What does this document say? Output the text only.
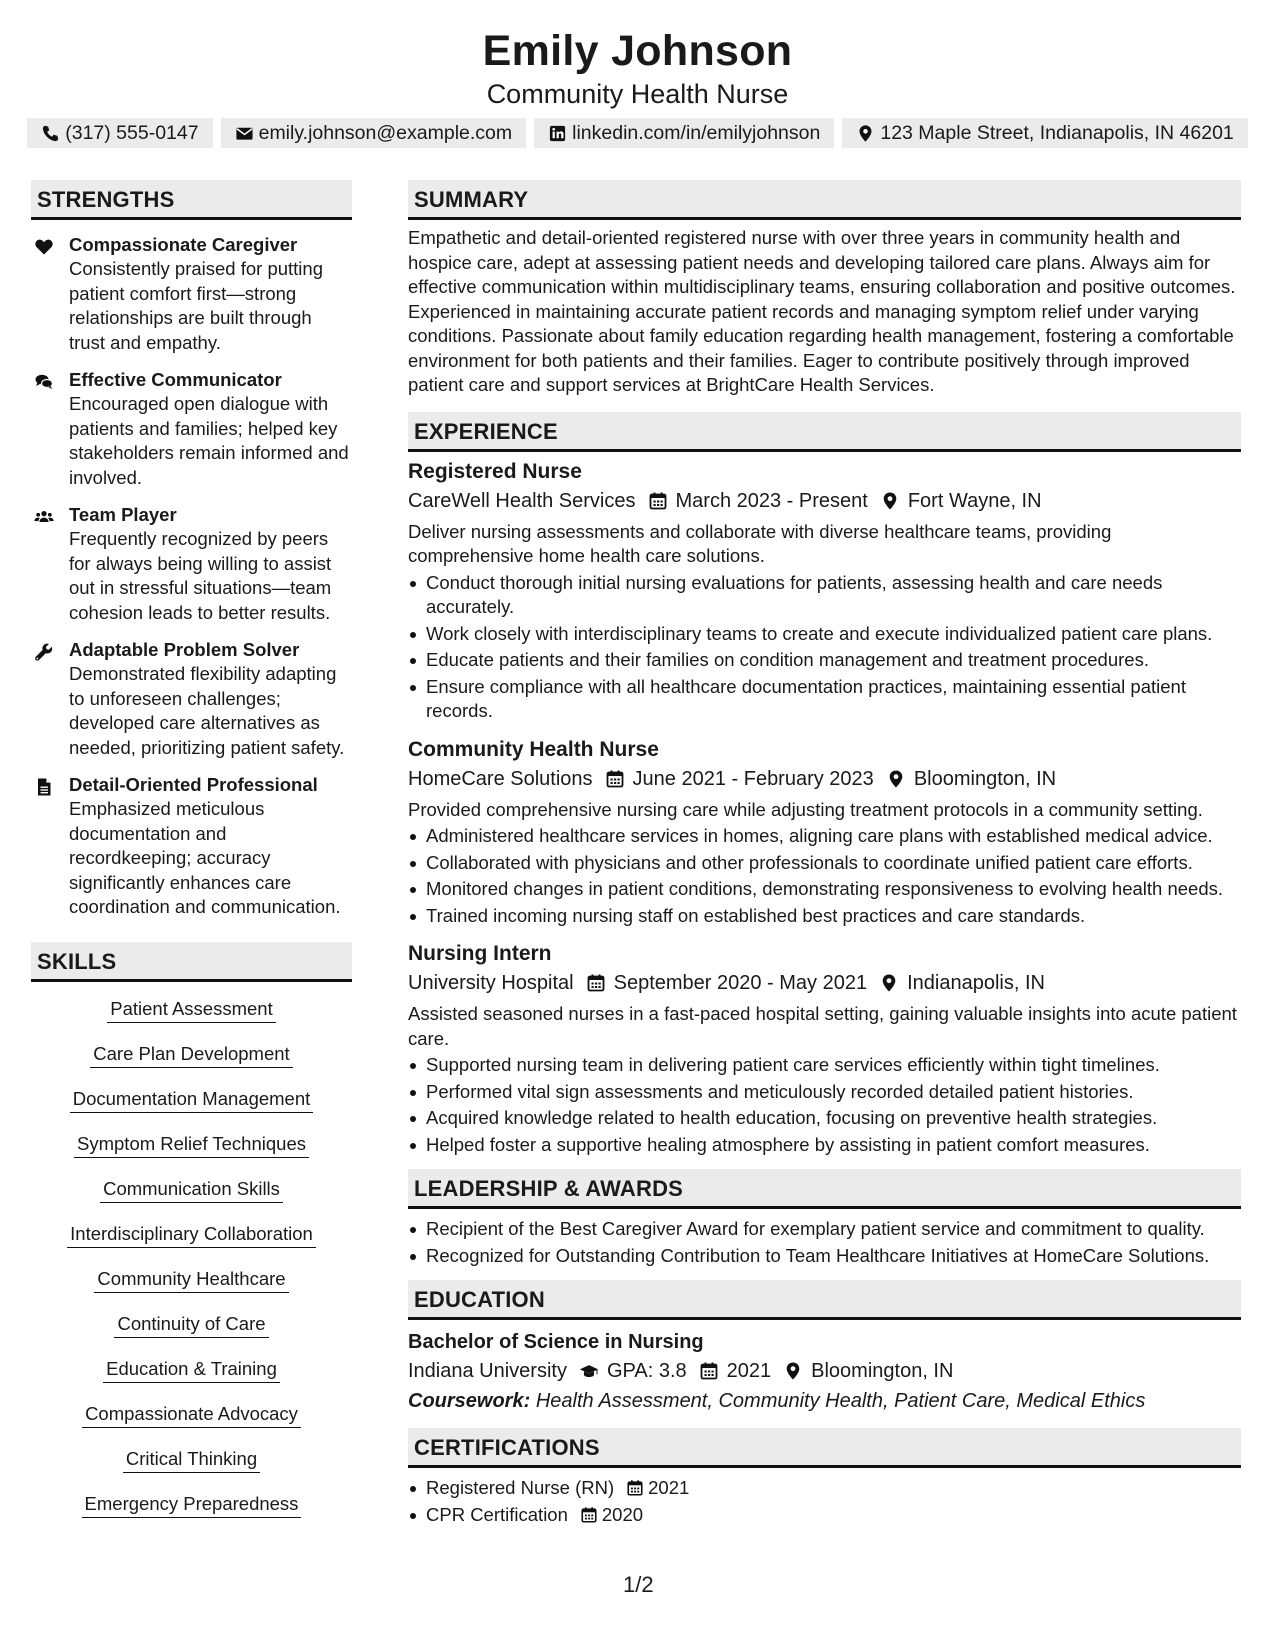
Emily Johnson
Community Health Nurse
(317) 555-0147	emily.johnson@example.com	linkedin.com/in/emilyjohnson	123 Maple Street, Indianapolis, IN 46201
STRENGTHS
Compassionate Caregiver
Consistently praised for putting patient comfort first—strong relationships are built through trust and empathy.
Effective Communicator
Encouraged open dialogue with patients and families; helped key stakeholders remain informed and involved.
Team Player
Frequently recognized by peers for always being willing to assist out in stressful situations—team cohesion leads to better results.
Adaptable Problem Solver
Demonstrated flexibility adapting to unforeseen challenges; developed care alternatives as needed, prioritizing patient safety.
Detail-Oriented Professional
Emphasized meticulous documentation and recordkeeping; accuracy significantly enhances care coordination and communication.
SKILLS
Patient Assessment
Care Plan Development
Documentation Management
Symptom Relief Techniques
Communication Skills
Interdisciplinary Collaboration
Community Healthcare
Continuity of Care
Education & Training
Compassionate Advocacy
Critical Thinking
Emergency Preparedness
SUMMARY
Empathetic and detail-oriented registered nurse with over three years in community health and hospice care, adept at assessing patient needs and developing tailored care plans. Always aim for effective communication within multidisciplinary teams, ensuring collaboration and positive outcomes. Experienced in maintaining accurate patient records and managing symptom relief under varying conditions. Passionate about family education regarding health management, fostering a comfortable environment for both patients and their families. Eager to contribute positively through improved patient care and support services at BrightCare Health Services.
EXPERIENCE
Registered Nurse
CareWell Health Services March 2023 - Present Fort Wayne, IN
Deliver nursing assessments and collaborate with diverse healthcare teams, providing comprehensive home health care solutions.
Conduct thorough initial nursing evaluations for patients, assessing health and care needs accurately.
Work closely with interdisciplinary teams to create and execute individualized patient care plans.
Educate patients and their families on condition management and treatment procedures.
Ensure compliance with all healthcare documentation practices, maintaining essential patient records.
Community Health Nurse
HomeCare Solutions June 2021 - February 2023 Bloomington, IN
Provided comprehensive nursing care while adjusting treatment protocols in a community setting.
Administered healthcare services in homes, aligning care plans with established medical advice.
Collaborated with physicians and other professionals to coordinate unified patient care efforts.
Monitored changes in patient conditions, demonstrating responsiveness to evolving health needs.
Trained incoming nursing staff on established best practices and care standards.
Nursing Intern
University Hospital September 2020 - May 2021 Indianapolis, IN
Assisted seasoned nurses in a fast-paced hospital setting, gaining valuable insights into acute patient care.
Supported nursing team in delivering patient care services efficiently within tight timelines.
Performed vital sign assessments and meticulously recorded detailed patient histories.
Acquired knowledge related to health education, focusing on preventive health strategies.
Helped foster a supportive healing atmosphere by assisting in patient comfort measures.
LEADERSHIP & AWARDS
Recipient of the Best Caregiver Award for exemplary patient service and commitment to quality.
Recognized for Outstanding Contribution to Team Healthcare Initiatives at HomeCare Solutions.
EDUCATION
Bachelor of Science in Nursing
Indiana University GPA: 3.8 2021 Bloomington, IN
Coursework: Health Assessment, Community Health, Patient Care, Medical Ethics
CERTIFICATIONS
Registered Nurse (RN) 2021
CPR Certification 2020
1/2
